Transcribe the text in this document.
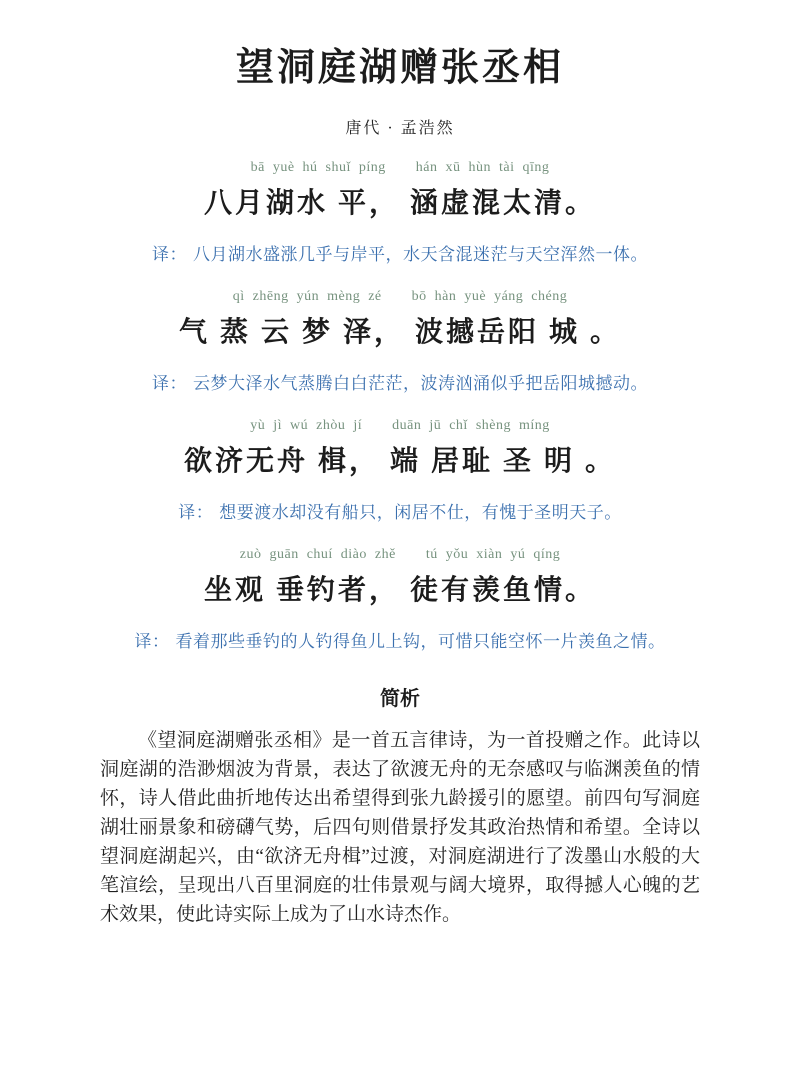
望洞庭湖赠张丞相
唐代 · 孟浩然
bā yuè hú shuǐ píng hán xū hùn tài qīng
八月湖水 平， 涵虚混太清。
译： 八月湖水盛涨几乎与岸平，水天含混迷茫与天空浑然一体。
qì zhēng yún mèng zé bō hàn yuè yáng chéng
气 蒸 云 梦 泽， 波撼岳阳 城 。
译： 云梦大泽水气蒸腾白白茫茫，波涛汹涌似乎把岳阳城撼动。
yù jì wú zhòu jí duān jū chǐ shèng míng
欲济无舟 楫， 端 居耻 圣 明 。
译： 想要渡水却没有船只，闲居不仕，有愧于圣明天子。
zuò guān chuí diào zhě tú yǒu xiàn yú qíng
坐观 垂钓者， 徒有羡鱼情。
译： 看着那些垂钓的人钓得鱼儿上钩，可惜只能空怀一片羡鱼之情。
简析

《望洞庭湖赠张丞相》是一首五言律诗，为一首投赠之作。此诗以洞庭湖的浩渺烟波为背景，表达了欲渡无舟的无奈感叹与临渊羡鱼的情怀，诗人借此曲折地传达出希望得到张九龄援引的愿望。前四句写洞庭湖壮丽景象和磅礴气势，后四句则借景抒发其政治热情和希望。全诗以望洞庭湖起兴，由“欲济无舟楫”过渡，对洞庭湖进行了泼墨山水般的大笔渲绘，呈现出八百里洞庭的壮伟景观与阔大境界，取得撼人心魄的艺术效果，使此诗实际上成为了山水诗杰作。
